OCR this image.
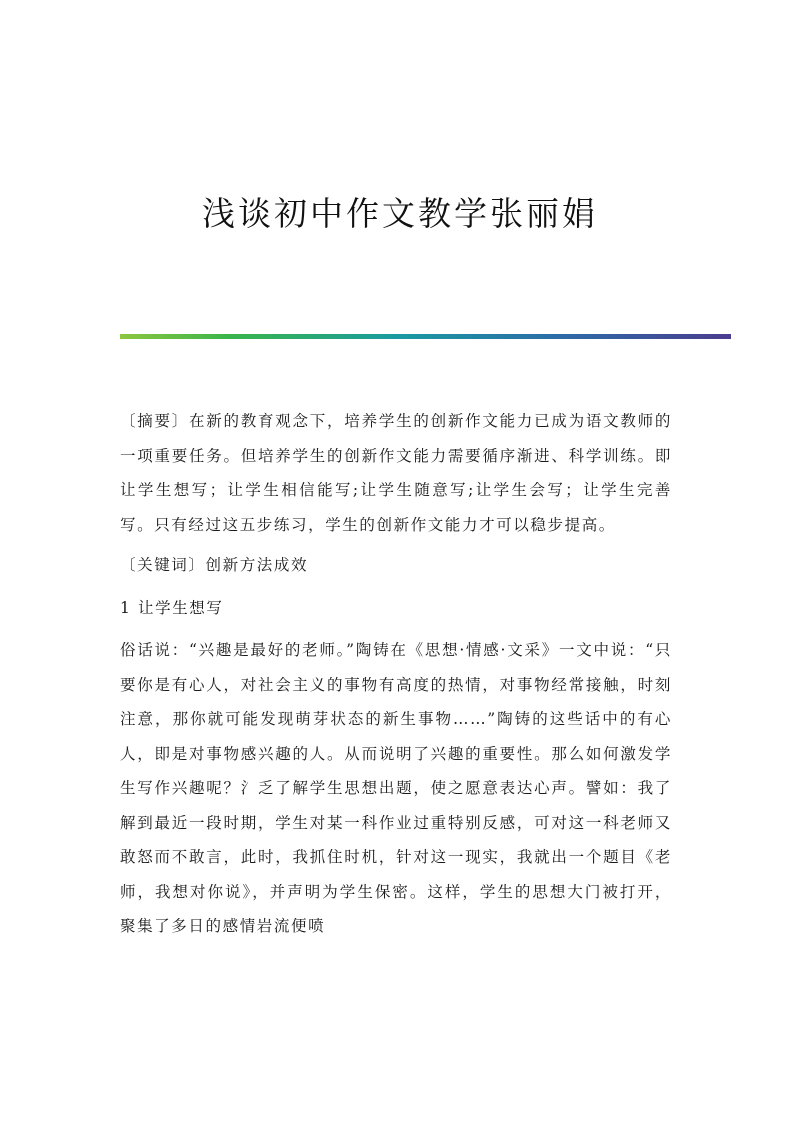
浅谈初中作文教学张丽娟

〔摘要〕在新的教育观念下，培养学生的创新作文能力已成为语文教师的一项重要任务。但培养学生的创新作文能力需要循序渐进、科学训练。即让学生想写；让学生相信能写;让学生随意写;让学生会写；让学生完善写。只有经过这五步练习，学生的创新作文能力才可以稳步提高。

〔关键词〕创新方法成效

1 让学生想写

俗话说：“兴趣是最好的老师。”陶铸在《思想·情感·文采》一文中说：“只要你是有心人，对社会主义的事物有高度的热情，对事物经常接触，时刻注意，那你就可能发现萌芽状态的新生事物……”陶铸的这些话中的有心人，即是对事物感兴趣的人。从而说明了兴趣的重要性。那么如何激发学生写作兴趣呢？氵乏了解学生思想出题，使之愿意表达心声。譬如：我了解到最近一段时期，学生对某一科作业过重特别反感，可对这一科老师又敢怒而不敢言，此时，我抓住时机，针对这一现实，我就出一个题目《老师，我想对你说》，并声明为学生保密。这样，学生的思想大门被打开，聚集了多日的感情岩流便喷
